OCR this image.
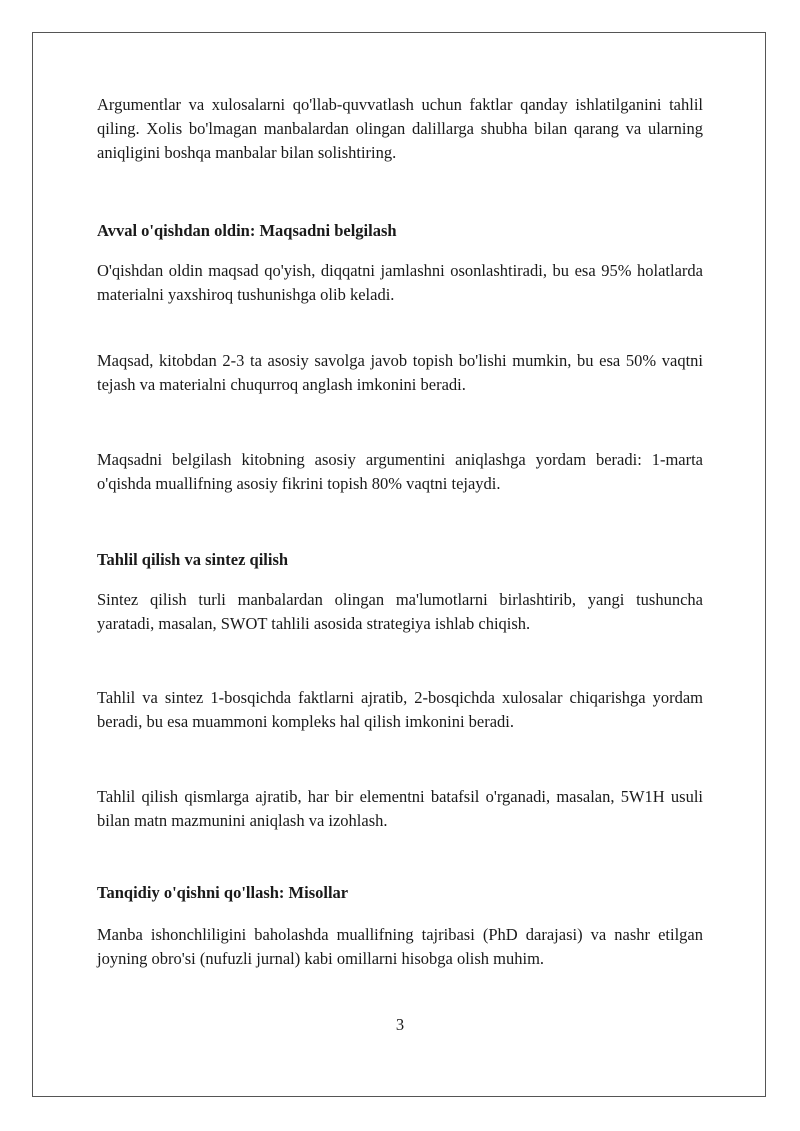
Argumentlar va xulosalarni qo'llab-quvvatlash uchun faktlar qanday ishlatilganini tahlil qiling. Xolis bo'lmagan manbalardan olingan dalillarga shubha bilan qarang va ularning aniqligini boshqa manbalar bilan solishtiring.

Avval o'qishdan oldin: Maqsadni belgilash

O'qishdan oldin maqsad qo'yish, diqqatni jamlashni osonlashtiradi, bu esa 95% holatlarda materialni yaxshiroq tushunishga olib keladi.

Maqsad, kitobdan 2-3 ta asosiy savolga javob topish bo'lishi mumkin, bu esa 50% vaqtni tejash va materialni chuqurroq anglash imkonini beradi.

Maqsadni belgilash kitobning asosiy argumentini aniqlashga yordam beradi: 1-marta o'qishda muallifning asosiy fikrini topish 80% vaqtni tejaydi.

Tahlil qilish va sintez qilish

Sintez qilish turli manbalardan olingan ma'lumotlarni birlashtirib, yangi tushuncha yaratadi, masalan, SWOT tahlili asosida strategiya ishlab chiqish.

Tahlil va sintez 1-bosqichda faktlarni ajratib, 2-bosqichda xulosalar chiqarishga yordam beradi, bu esa muammoni kompleks hal qilish imkonini beradi.

Tahlil qilish qismlarga ajratib, har bir elementni batafsil o'rganadi, masalan, 5W1H usuli bilan matn mazmunini aniqlash va izohlash.

Tanqidiy o'qishni qo'llash: Misollar

Manba ishonchliligini baholashda muallifning tajribasi (PhD darajasi) va nashr etilgan joyning obro'si (nufuzli jurnal) kabi omillarni hisobga olish muhim.

3
